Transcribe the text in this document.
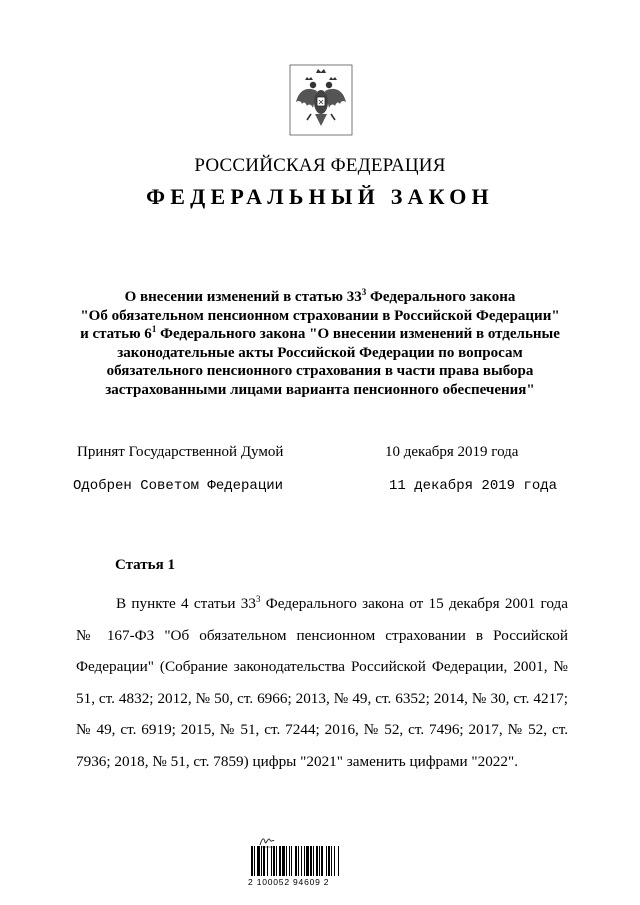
РОССИЙСКАЯ ФЕДЕРАЦИЯ
ФЕДЕРАЛЬНЫЙ ЗАКОН
О внесении изменений в статью $33^3$ Федерального закона
"Об обязательном пенсионном страховании в Российской Федерации"
и статью $6^1$ Федерального закона "О внесении изменений в отдельные
законодательные акты Российской Федерации по вопросам
обязательного пенсионного страхования в части права выбора
застрахованными лицами варианта пенсионного обеспечения"
Принят Государственной Думой	10 декабря 2019 года
Одобрен Советом Федерации	11 декабря 2019 года
Статья 1
В пункте 4 статьи $33^3$ Федерального закона от 15 декабря 2001 года № 167-ФЗ "Об обязательном пенсионном страховании в Российской Федерации" (Собрание законодательства Российской Федерации, 2001, № 51, ст. 4832; 2012, № 50, ст. 6966; 2013, № 49, ст. 6352; 2014, № 30, ст. 4217; № 49, ст. 6919; 2015, № 51, ст. 7244; 2016, № 52, ст. 7496; 2017, № 52, ст. 7936; 2018, № 51, ст. 7859) цифры "2021" заменить цифрами "2022".
2 100052 94609 2
